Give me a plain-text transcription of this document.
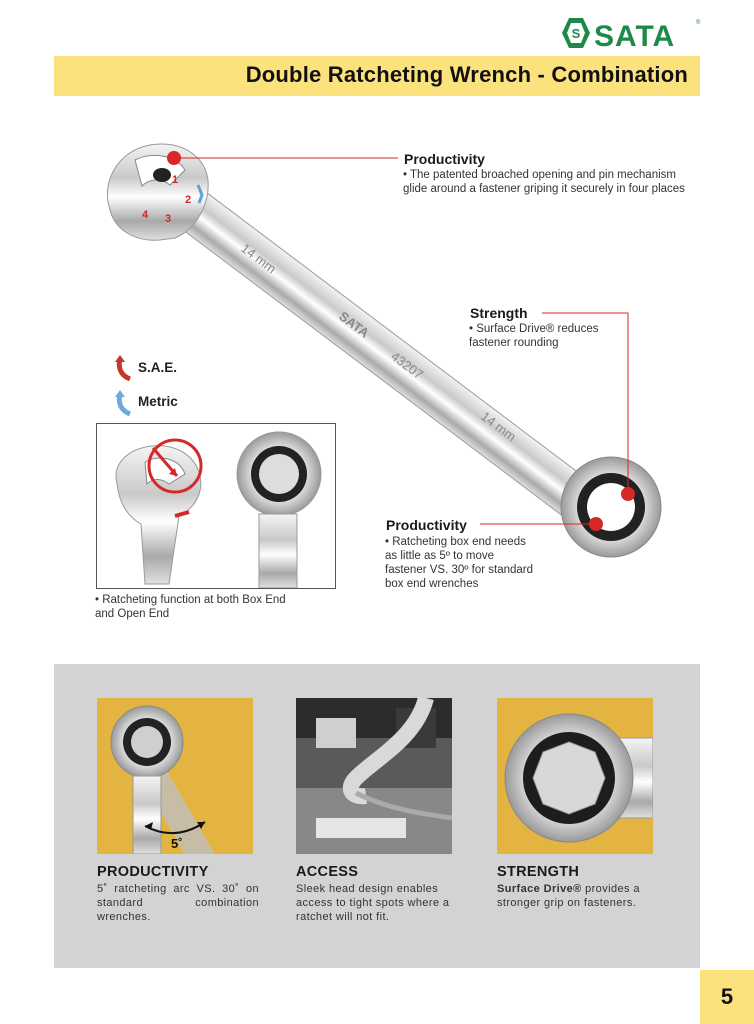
S SATA	®
Double Ratcheting Wrench - Combination
1
2
3
4
14 mm
SATA
43207
14 mm
Productivity
• The patented broached opening and pin mechanism
glide around a fastener griping it securely in four places
Strength
• Surface Drive® reduces
fastener rounding
Productivity
• Ratcheting box end needs
as little as 5º to move
fastener VS. 30º for standard
box end wrenches
S.A.E.
Metric
• Ratcheting function at both Box End
and Open End
5˚
PRODUCTIVITY
5˚ ratcheting arc VS. 30˚ on standard combination wrenches.
ACCESS
Sleek head design enables access to tight spots where a ratchet will not fit.
STRENGTH
Surface Drive® provides a stronger grip on fasteners.
5
